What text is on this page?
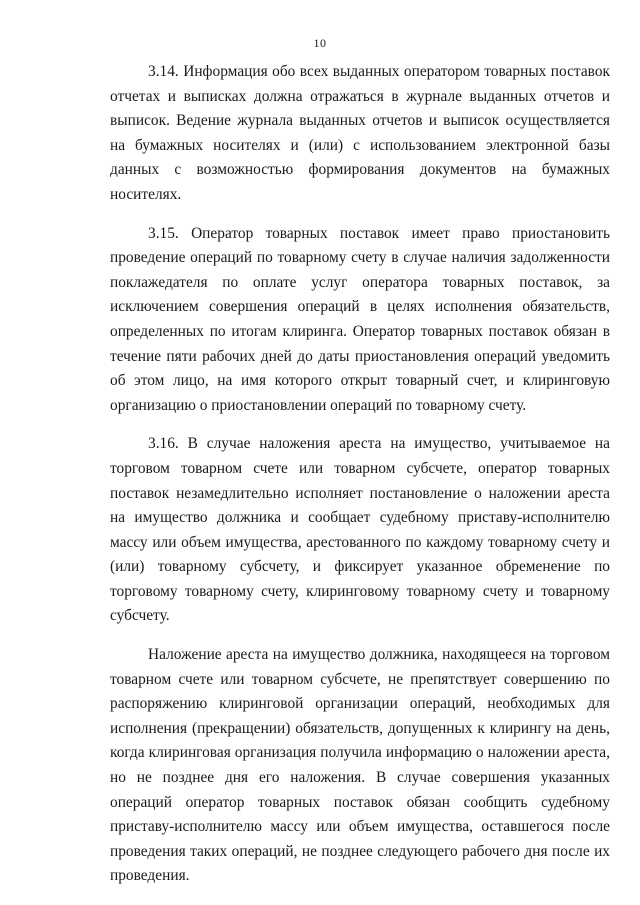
10

3.14. Информация обо всех выданных оператором товарных поставок отчетах и выписках должна отражаться в журнале выданных отчетов и выписок. Ведение журнала выданных отчетов и выписок осуществляется на бумажных носителях и (или) с использованием электронной базы данных с возможностью формирования документов на бумажных носителях.

3.15. Оператор товарных поставок имеет право приостановить проведение операций по товарному счету в случае наличия задолженности поклажедателя по оплате услуг оператора товарных поставок, за исключением совершения операций в целях исполнения обязательств, определенных по итогам клиринга. Оператор товарных поставок обязан в течение пяти рабочих дней до даты приостановления операций уведомить об этом лицо, на имя которого открыт товарный счет, и клиринговую организацию о приостановлении операций по товарному счету.

3.16. В случае наложения ареста на имущество, учитываемое на торговом товарном счете или товарном субсчете, оператор товарных поставок незамедлительно исполняет постановление о наложении ареста на имущество должника и сообщает судебному приставу-исполнителю массу или объем имущества, арестованного по каждому товарному счету и (или) товарному субсчету, и фиксирует указанное обременение по торговому товарному счету, клиринговому товарному счету и товарному субсчету.

Наложение ареста на имущество должника, находящееся на торговом товарном счете или товарном субсчете, не препятствует совершению по распоряжению клиринговой организации операций, необходимых для исполнения (прекращении) обязательств, допущенных к клирингу на день, когда клиринговая организация получила информацию о наложении ареста, но не позднее дня его наложения. В случае совершения указанных операций оператор товарных поставок обязан сообщить судебному приставу-исполнителю массу или объем имущества, оставшегося после проведения таких операций, не позднее следующего рабочего дня после их проведения.
